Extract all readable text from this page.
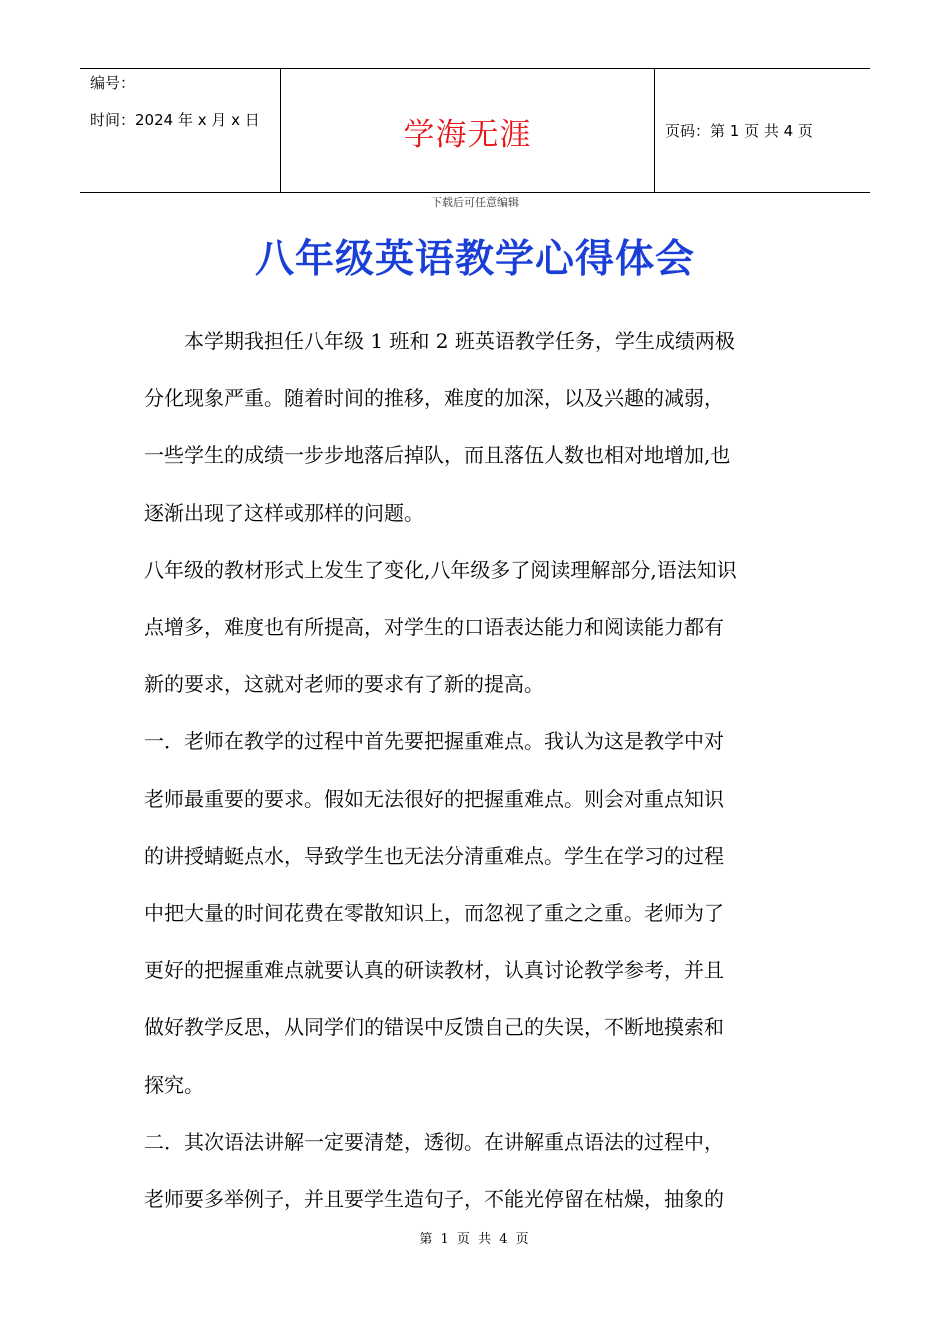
编号：
时间：2024 年 x 月 x 日	学海无涯	页码：第 1 页 共 4 页
下载后可任意编辑
八年级英语教学心得体会

　　本学期我担任八年级 1 班和 2 班英语教学任务，学生成绩两极

分化现象严重。随着时间的推移，难度的加深，以及兴趣的减弱，

一些学生的成绩一步步地落后掉队，而且落伍人数也相对地增加,也

逐渐出现了这样或那样的问题。

八年级的教材形式上发生了变化,八年级多了阅读理解部分,语法知识

点增多，难度也有所提高，对学生的口语表达能力和阅读能力都有

新的要求，这就对老师的要求有了新的提高。

一．老师在教学的过程中首先要把握重难点。我认为这是教学中对

老师最重要的要求。假如无法很好的把握重难点。则会对重点知识

的讲授蜻蜓点水，导致学生也无法分清重难点。学生在学习的过程

中把大量的时间花费在零散知识上，而忽视了重之之重。老师为了

更好的把握重难点就要认真的研读教材，认真讨论教学参考，并且

做好教学反思，从同学们的错误中反馈自己的失误，不断地摸索和

探究。

二．其次语法讲解一定要清楚，透彻。在讲解重点语法的过程中，

老师要多举例子，并且要学生造句子，不能光停留在枯燥，抽象的

第 1 页 共 4 页
